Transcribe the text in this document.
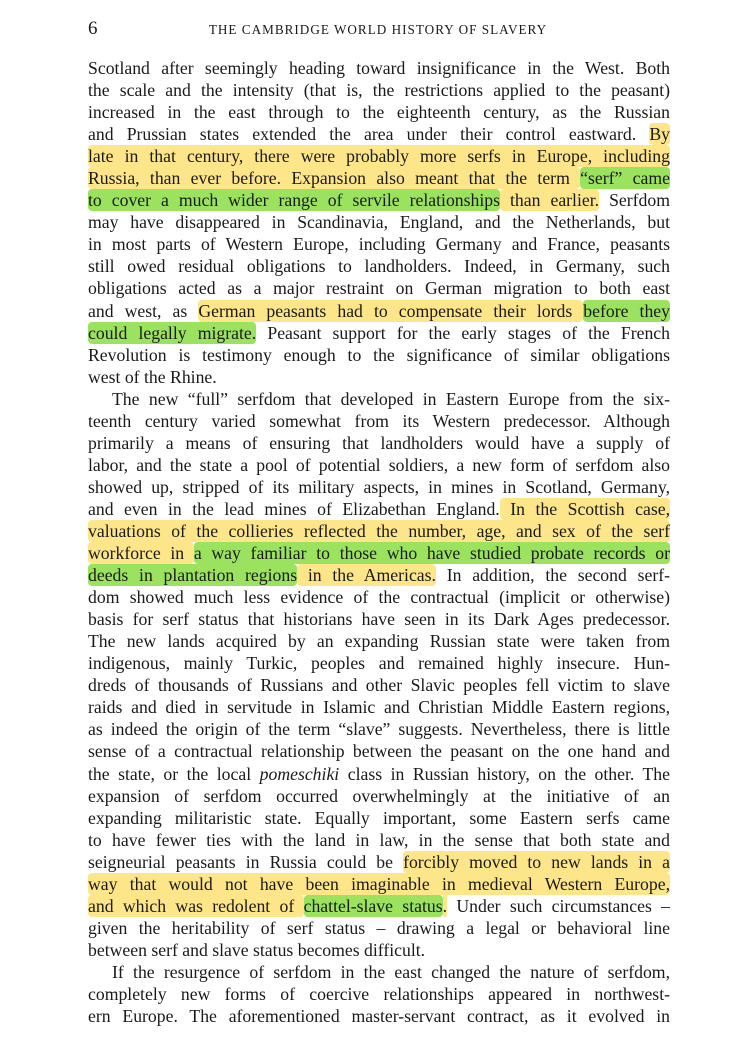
6	THE CAMBRIDGE WORLD HISTORY OF SLAVERY
Scotland after seemingly heading toward insignificance in the West. Both
the scale and the intensity (that is, the restrictions applied to the peasant)
increased in the east through to the eighteenth century, as the Russian
and Prussian states extended the area under their control eastward. By
late in that century, there were probably more serfs in Europe, including
Russia, than ever before. Expansion also meant that the term “serf” came
to cover a much wider range of servile relationships than earlier. Serfdom
may have disappeared in Scandinavia, England, and the Netherlands, but
in most parts of Western Europe, including Germany and France, peasants
still owed residual obligations to landholders. Indeed, in Germany, such
obligations acted as a major restraint on German migration to both east
and west, as German peasants had to compensate their lords before they
could legally migrate. Peasant support for the early stages of the French
Revolution is testimony enough to the significance of similar obligations
west of the Rhine.
The new “full” serfdom that developed in Eastern Europe from the six-
teenth century varied somewhat from its Western predecessor. Although
primarily a means of ensuring that landholders would have a supply of
labor, and the state a pool of potential soldiers, a new form of serfdom also
showed up, stripped of its military aspects, in mines in Scotland, Germany,
and even in the lead mines of Elizabethan England. In the Scottish case,
valuations of the collieries reflected the number, age, and sex of the serf
workforce in a way familiar to those who have studied probate records or
deeds in plantation regions in the Americas. In addition, the second serf-
dom showed much less evidence of the contractual (implicit or otherwise)
basis for serf status that historians have seen in its Dark Ages predecessor.
The new lands acquired by an expanding Russian state were taken from
indigenous, mainly Turkic, peoples and remained highly insecure. Hun-
dreds of thousands of Russians and other Slavic peoples fell victim to slave
raids and died in servitude in Islamic and Christian Middle Eastern regions,
as indeed the origin of the term “slave” suggests. Nevertheless, there is little
sense of a contractual relationship between the peasant on the one hand and
the state, or the local pomeschiki class in Russian history, on the other. The
expansion of serfdom occurred overwhelmingly at the initiative of an
expanding militaristic state. Equally important, some Eastern serfs came
to have fewer ties with the land in law, in the sense that both state and
seigneurial peasants in Russia could be forcibly moved to new lands in a
way that would not have been imaginable in medieval Western Europe,
and which was redolent of chattel-slave status. Under such circumstances –
given the heritability of serf status – drawing a legal or behavioral line
between serf and slave status becomes difficult.
If the resurgence of serfdom in the east changed the nature of serfdom,
completely new forms of coercive relationships appeared in northwest-
ern Europe. The aforementioned master-servant contract, as it evolved in
